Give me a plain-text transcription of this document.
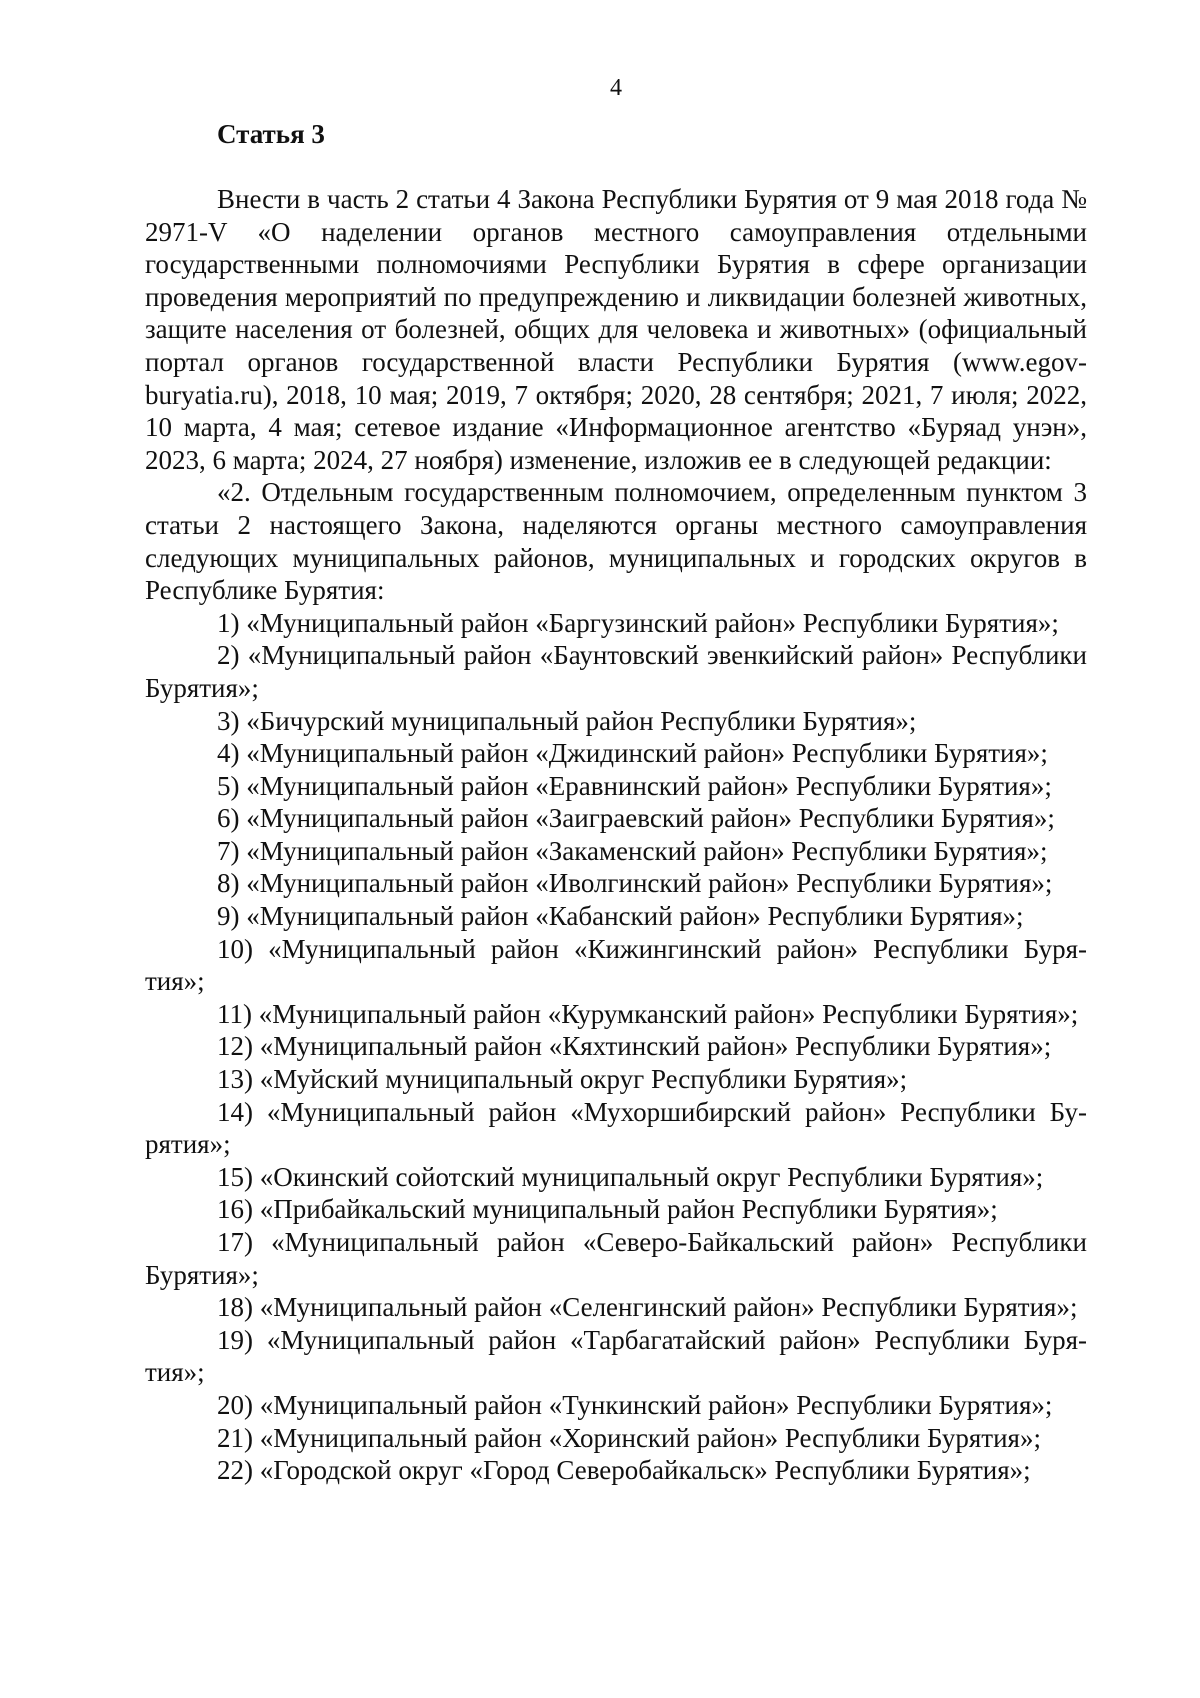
4
Статья 3

Внести в часть 2 статьи 4 Закона Республики Бурятия от 9 мая 2018 года № 2971-V «О наделении органов местного самоуправления отдельными государственными полномочиями Республики Бурятия в сфере организации проведения мероприятий по предупреждению и ликвидации болезней животных, защите населения от болезней, общих для человека и животных» (официальный портал органов государственной власти Республики Бурятия (www.egov-buryatia.ru), 2018, 10 мая; 2019, 7 октября; 2020, 28 сентября; 2021, 7 июля; 2022, 10 марта, 4 мая; сетевое издание «Информационное агентство «Буряад унэн», 2023, 6 марта; 2024, 27 ноября) изменение, изложив ее в следующей редакции:

«2. Отдельным государственным полномочием, определенным пунктом 3 статьи 2 настоящего Закона, наделяются органы местного самоуправления следующих муниципальных районов, муниципальных и городских округов в Республике Бурятия:

1) «Муниципальный район «Баргузинский район» Республики Бурятия»;
2) «Муниципальный район «Баунтовский эвенкийский район» Республики Бурятия»;
3) «Бичурский муниципальный район Республики Бурятия»;
4) «Муниципальный район «Джидинский район» Республики Бурятия»;
5) «Муниципальный район «Еравнинский район» Республики Бурятия»;
6) «Муниципальный район «Заиграевский район» Республики Бурятия»;
7) «Муниципальный район «Закаменский район» Республики Бурятия»;
8) «Муниципальный район «Иволгинский район» Республики Бурятия»;
9) «Муниципальный район «Кабанский район» Республики Бурятия»;
10) «Муниципальный район «Кижингинский район» Республики Бурятия»;
11) «Муниципальный район «Курумканский район» Республики Бурятия»;
12) «Муниципальный район «Кяхтинский район» Республики Бурятия»;
13) «Муйский муниципальный округ Республики Бурятия»;
14) «Муниципальный район «Мухоршибирский район» Республики Бурятия»;
15) «Окинский сойотский муниципальный округ Республики Бурятия»;
16) «Прибайкальский муниципальный район Республики Бурятия»;
17) «Муниципальный район «Северо-Байкальский район» Республики Бурятия»;
18) «Муниципальный район «Селенгинский район» Республики Бурятия»;
19) «Муниципальный район «Тарбагатайский район» Республики Бурятия»;
20) «Муниципальный район «Тункинский район» Республики Бурятия»;
21) «Муниципальный район «Хоринский район» Республики Бурятия»;
22) «Городской округ «Город Северобайкальск» Республики Бурятия»;
